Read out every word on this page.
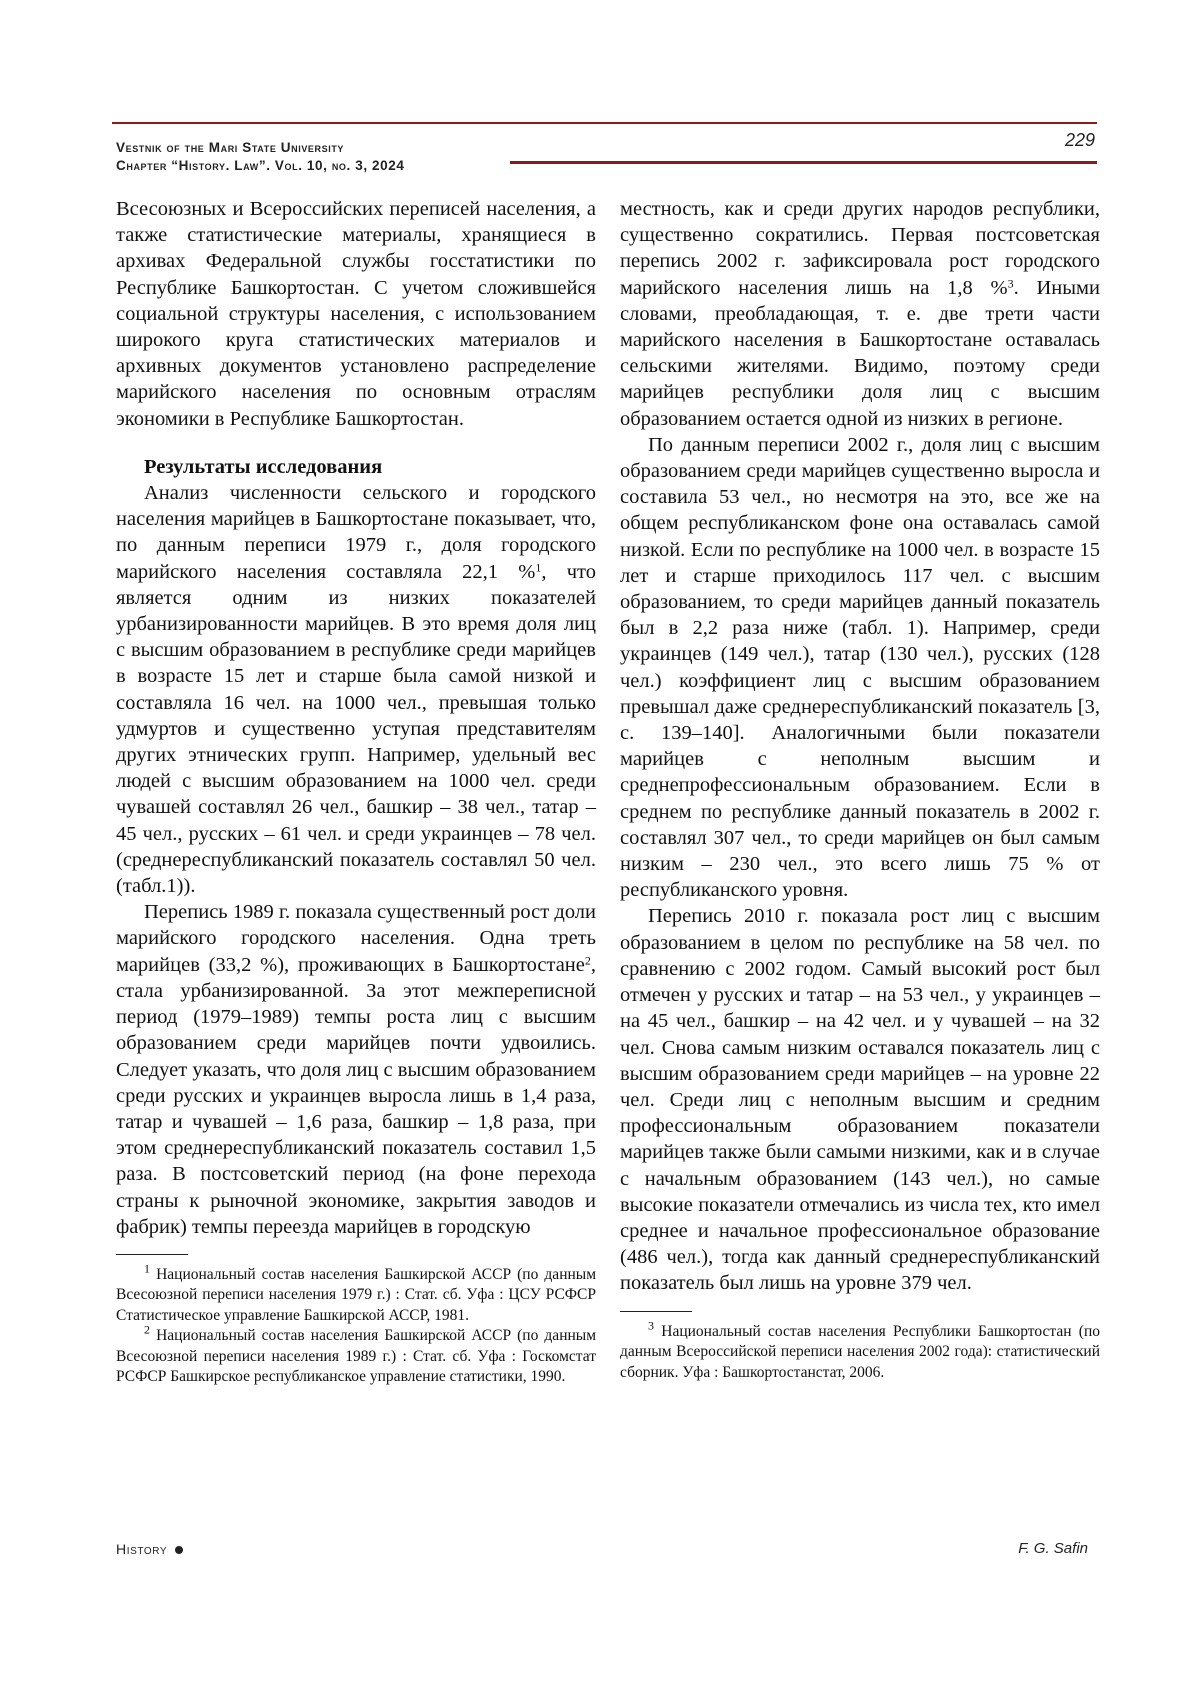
Vestnik of the Mari State University
Chapter “History. Law”. Vol. 10, no. 3, 2024
229

Всесоюзных и Всероссийских переписей населения, а также статистические материалы, хранящиеся в архивах Федеральной службы госстатистики по Республике Башкортостан. С учетом сложившейся социальной структуры населения, с использованием широкого круга статистических материалов и архивных документов установлено распределение марийского населения по основным отраслям экономики в Республике Башкортостан.

Результаты исследования

Анализ численности сельского и городского населения марийцев в Башкортостане показывает, что, по данным переписи 1979 г., доля городского марийского населения составляла 22,1 %$^1$, что является одним из низких показателей урбанизированности марийцев. В это время доля лиц с высшим образованием в республике среди марийцев в возрасте 15 лет и старше была самой низкой и составляла 16 чел. на 1000 чел., превышая только удмуртов и существенно уступая представителям других этнических групп. Например, удельный вес людей с высшим образованием на 1000 чел. среди чувашей составлял 26 чел., башкир – 38 чел., татар – 45 чел., русских – 61 чел. и среди украинцев – 78 чел. (среднереспубликанский показатель составлял 50 чел. (табл.1)).

Перепись 1989 г. показала существенный рост доли марийского городского населения. Одна треть марийцев (33,2 %), проживающих в Башкортостане$^2$, стала урбанизированной. За этот межпереписной период (1979–1989) темпы роста лиц с высшим образованием среди марийцев почти удвоились. Следует указать, что доля лиц с высшим образованием среди русских и украинцев выросла лишь в 1,4 раза, татар и чувашей – 1,6 раза, башкир – 1,8 раза, при этом среднереспубликанский показатель составил 1,5 раза. В постсоветский период (на фоне перехода страны к рыночной экономике, закрытия заводов и фабрик) темпы переезда марийцев в городскую

$^1$ Национальный состав населения Башкирской АССР (по данным Всесоюзной переписи населения 1979 г.) : Стат. сб. Уфа : ЦСУ РСФСР Статистическое управление Башкирской АССР, 1981.

$^2$ Национальный состав населения Башкирской АССР (по данным Всесоюзной переписи населения 1989 г.) : Стат. сб. Уфа : Госкомстат РСФСР Башкирское республиканское управление статистики, 1990.

местность, как и среди других народов республики, существенно сократились. Первая постсоветская перепись 2002 г. зафиксировала рост городского марийского населения лишь на 1,8 %$^3$. Иными словами, преобладающая, т. е. две трети части марийского населения в Башкортостане оставалась сельскими жителями. Видимо, поэтому среди марийцев республики доля лиц с высшим образованием остается одной из низких в регионе.

По данным переписи 2002 г., доля лиц с высшим образованием среди марийцев существенно выросла и составила 53 чел., но несмотря на это, все же на общем республиканском фоне она оставалась самой низкой. Если по республике на 1000 чел. в возрасте 15 лет и старше приходилось 117 чел. с высшим образованием, то среди марийцев данный показатель был в 2,2 раза ниже (табл. 1). Например, среди украинцев (149 чел.), татар (130 чел.), русских (128 чел.) коэффициент лиц с высшим образованием превышал даже среднереспубликанский показатель [3, с. 139–140]. Аналогичными были показатели марийцев с неполным высшим и среднепрофессиональным образованием. Если в среднем по республике данный показатель в 2002 г. составлял 307 чел., то среди марийцев он был самым низким – 230 чел., это всего лишь 75 % от республиканского уровня.

Перепись 2010 г. показала рост лиц с высшим образованием в целом по республике на 58 чел. по сравнению с 2002 годом. Самый высокий рост был отмечен у русских и татар – на 53 чел., у украинцев – на 45 чел., башкир – на 42 чел. и у чувашей – на 32 чел. Снова самым низким оставался показатель лиц с высшим образованием среди марийцев – на уровне 22 чел. Среди лиц с неполным высшим и средним профессиональным образованием показатели марийцев также были самыми низкими, как и в случае с начальным образованием (143 чел.), но самые высокие показатели отмечались из числа тех, кто имел среднее и начальное профессиональное образование (486 чел.), тогда как данный среднереспубликанский показатель был лишь на уровне 379 чел.

$^3$ Национальный состав населения Республики Башкортостан (по данным Всероссийской переписи населения 2002 года): статистический сборник. Уфа : Башкортостанстат, 2006.

History	F. G. Safin
